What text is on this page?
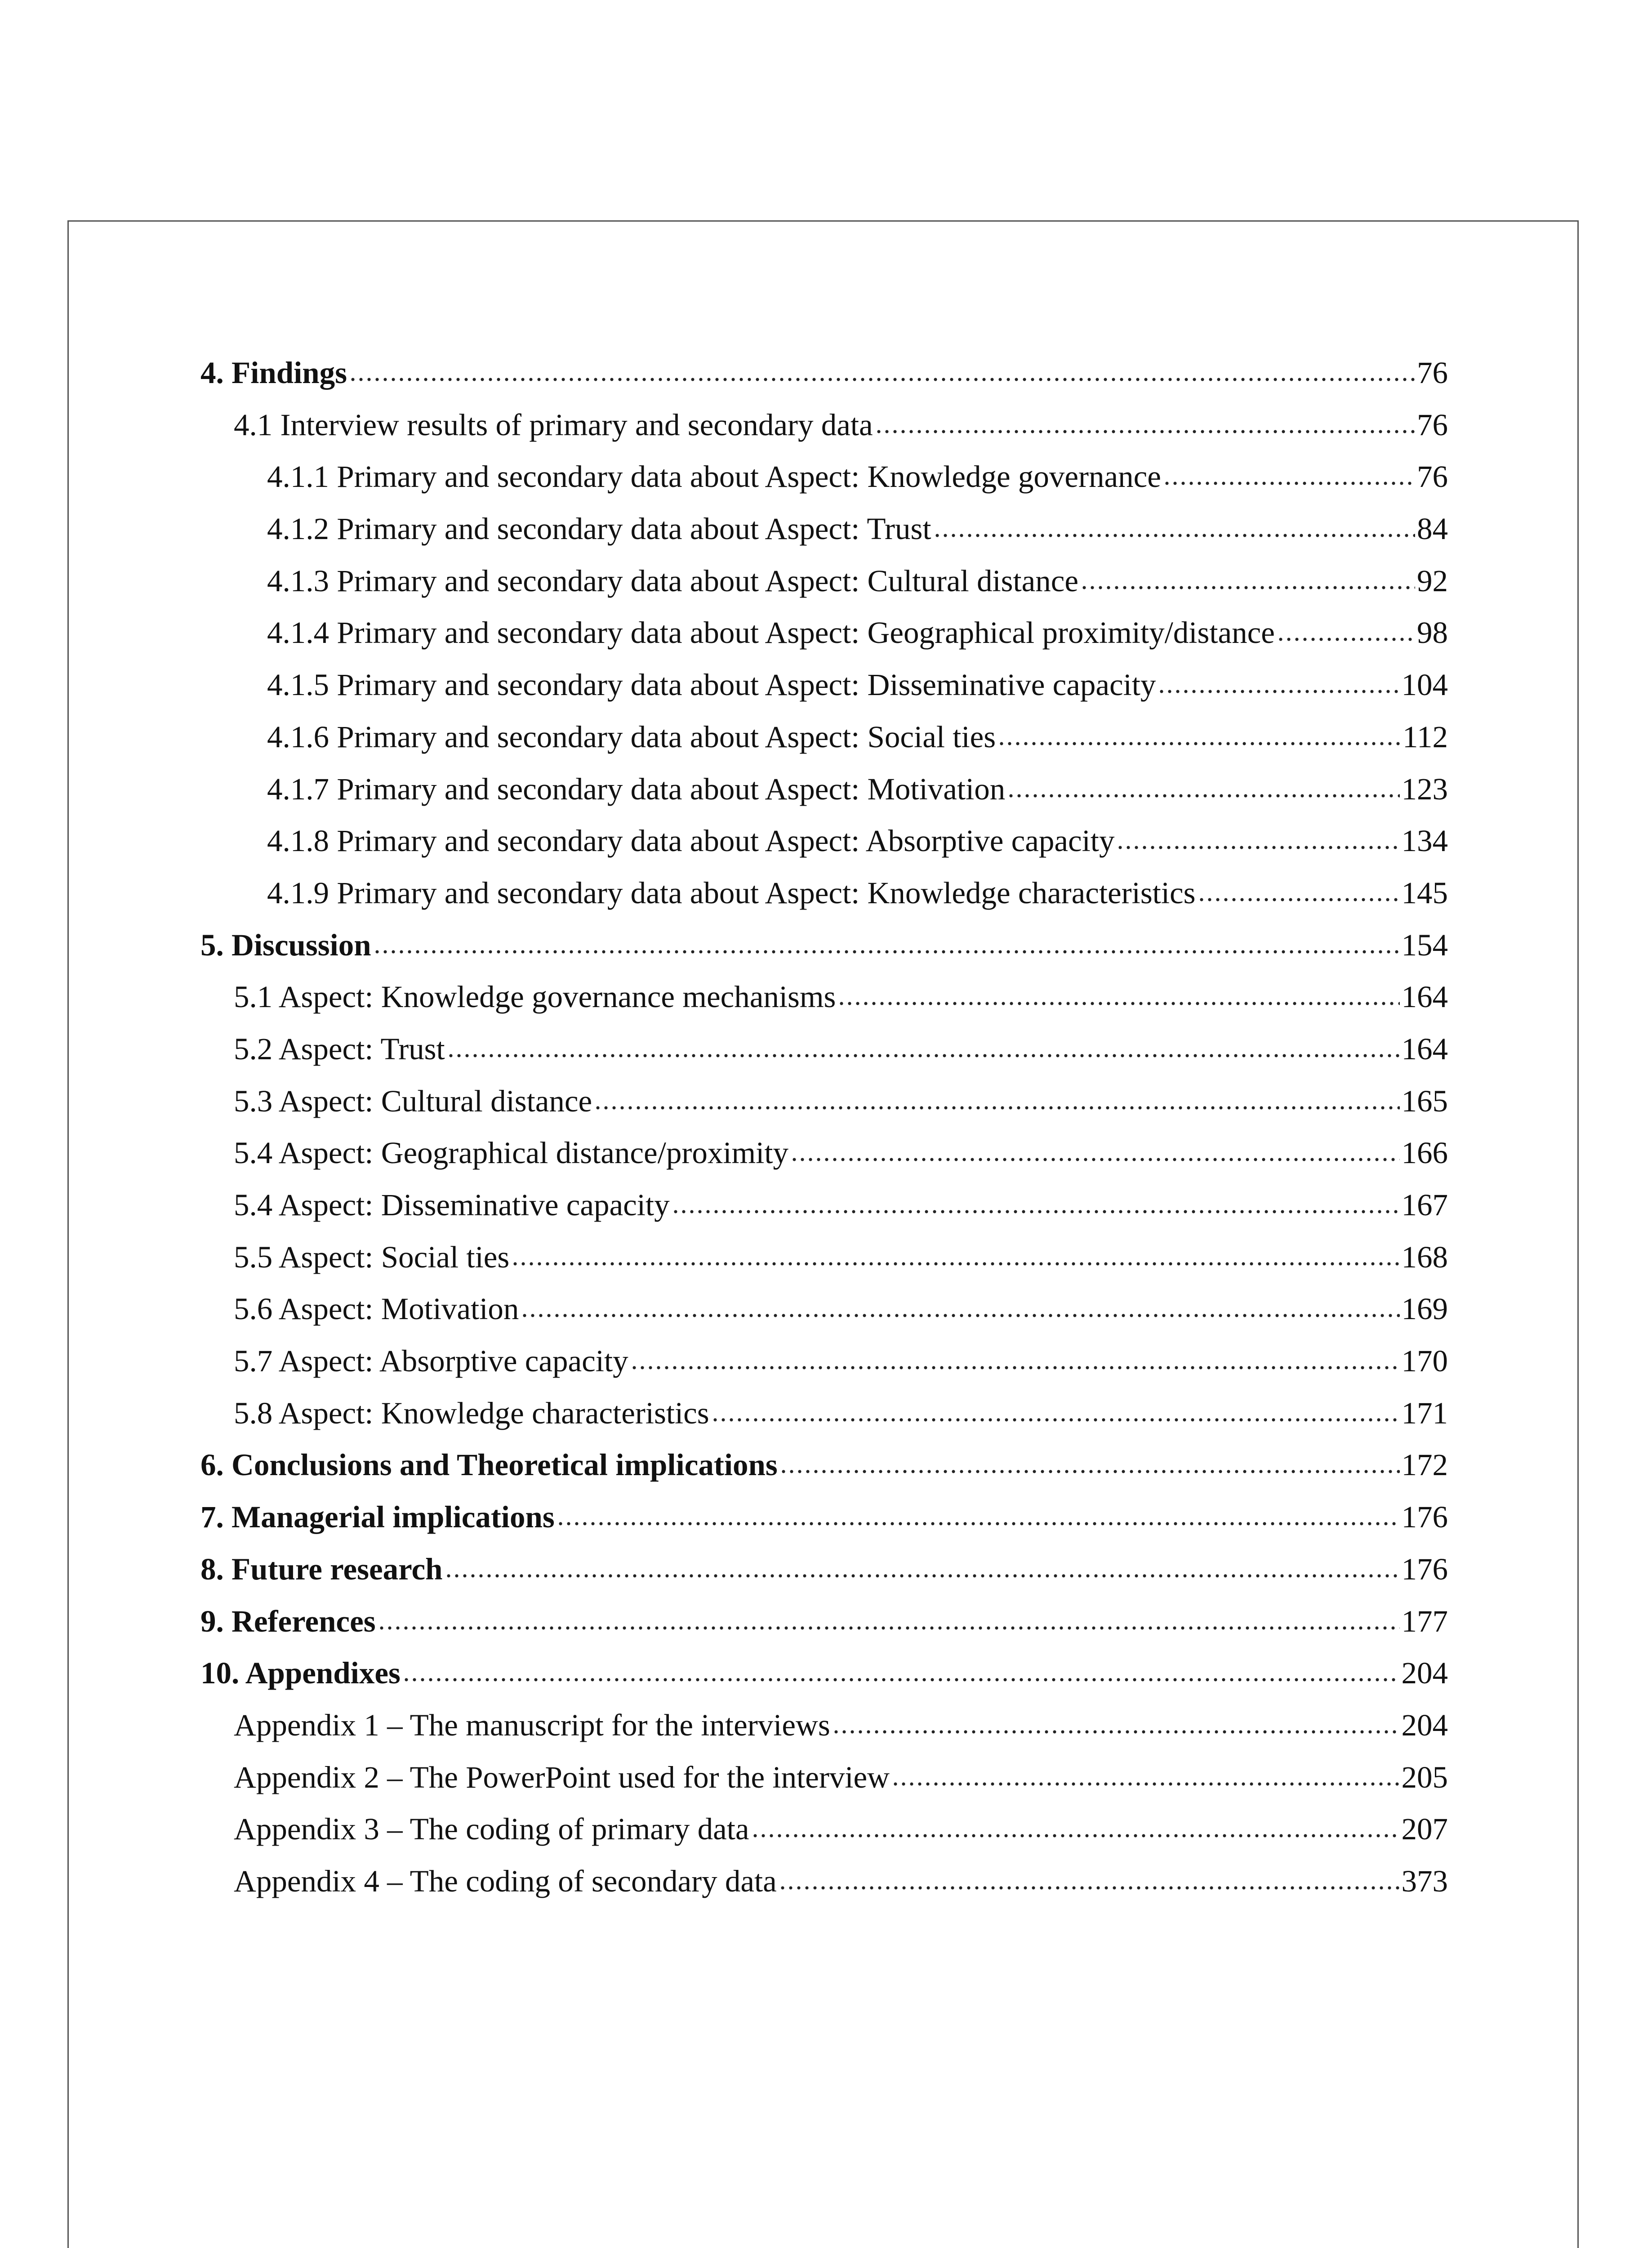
4. Findings	76
4.1 Interview results of primary and secondary data	76
4.1.1 Primary and secondary data about Aspect: Knowledge governance	76
4.1.2 Primary and secondary data about Aspect: Trust	84
4.1.3 Primary and secondary data about Aspect: Cultural distance	92
4.1.4 Primary and secondary data about Aspect: Geographical proximity/distance	98
4.1.5 Primary and secondary data about Aspect: Disseminative capacity	104
4.1.6 Primary and secondary data about Aspect: Social ties	112
4.1.7 Primary and secondary data about Aspect: Motivation	123
4.1.8 Primary and secondary data about Aspect: Absorptive capacity	134
4.1.9 Primary and secondary data about Aspect: Knowledge characteristics	145
5. Discussion	154
5.1 Aspect: Knowledge governance mechanisms	164
5.2 Aspect: Trust	164
5.3 Aspect: Cultural distance	165
5.4 Aspect: Geographical distance/proximity	166
5.4 Aspect: Disseminative capacity	167
5.5 Aspect: Social ties	168
5.6 Aspect: Motivation	169
5.7 Aspect: Absorptive capacity	170
5.8 Aspect: Knowledge characteristics	171
6. Conclusions and Theoretical implications	172
7. Managerial implications	176
8. Future research	176
9. References	177
10. Appendixes	204
Appendix 1 – The manuscript for the interviews	204
Appendix 2 – The PowerPoint used for the interview	205
Appendix 3 – The coding of primary data	207
Appendix 4 – The coding of secondary data	373
